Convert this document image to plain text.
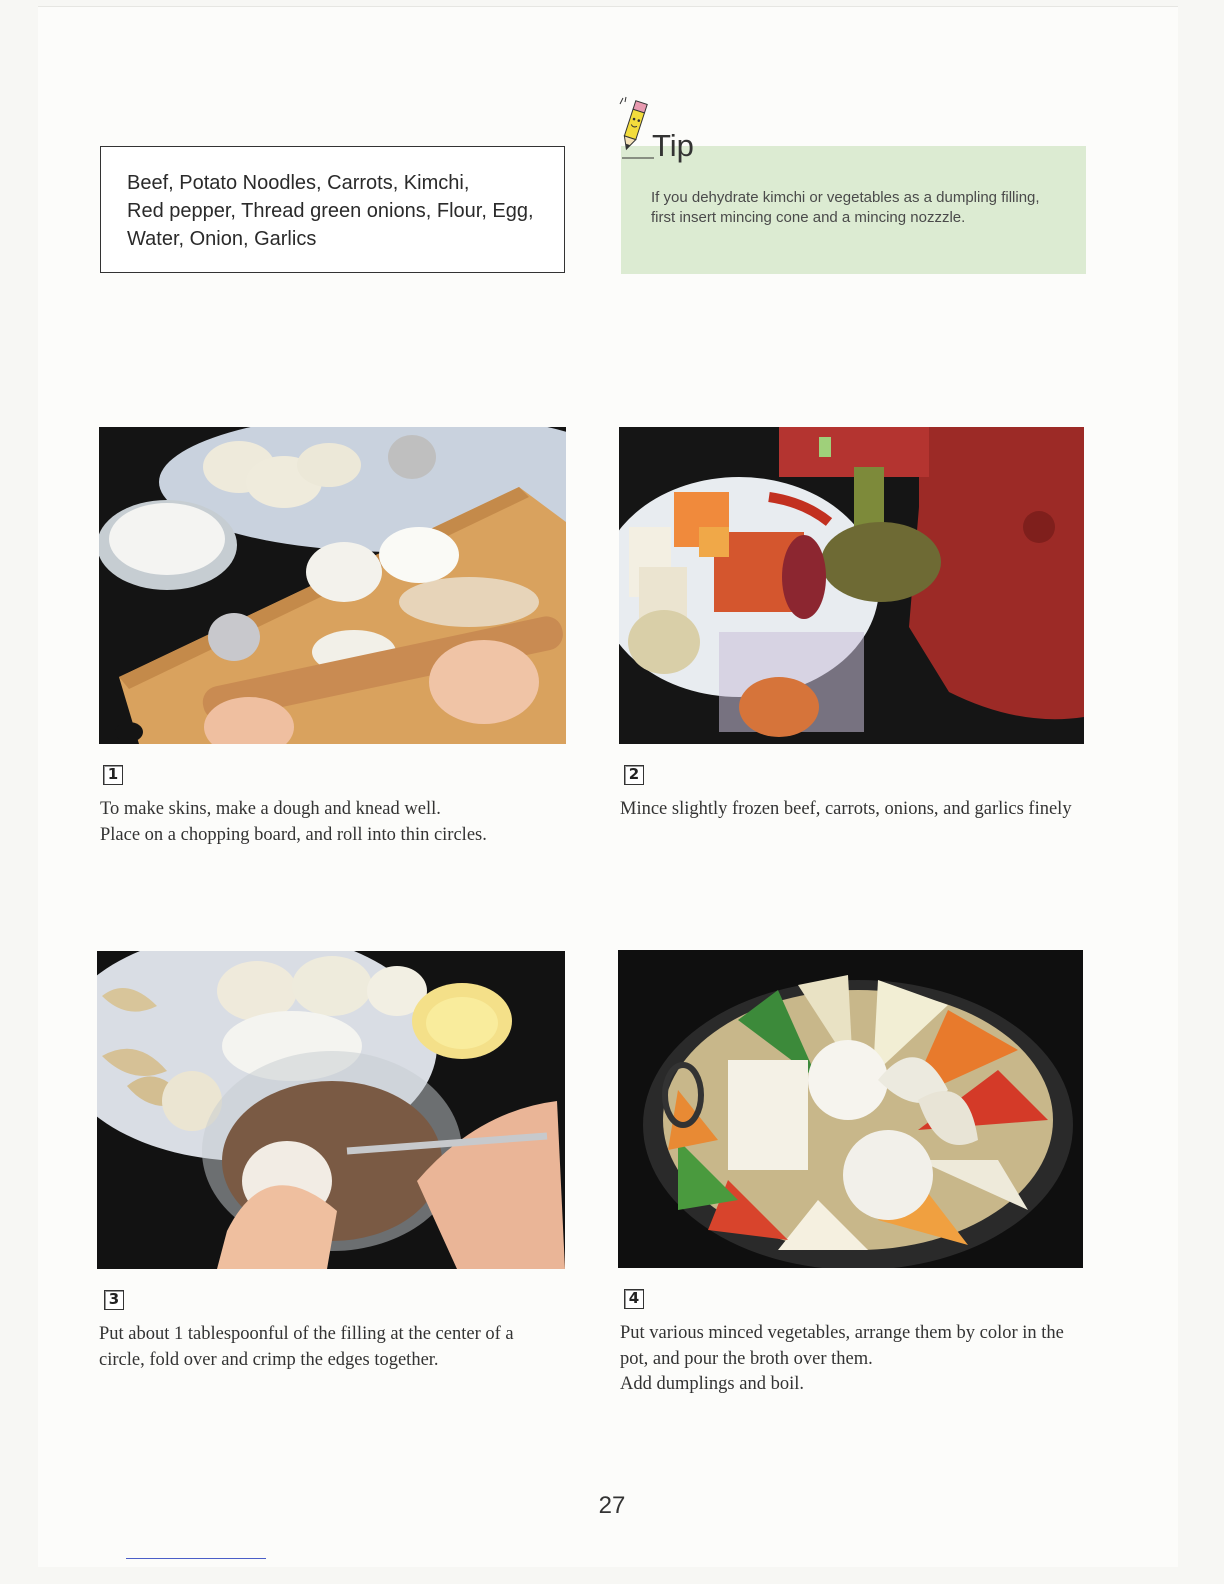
Beef, Potato Noodles, Carrots, Kimchi,
Red pepper, Thread green onions, Flour, Egg,
Water, Onion, Garlics
Tip
If you dehydrate kimchi or vegetables as a dumpling filling,
first insert mincing cone and a mincing nozzzle.
1
To make skins, make a dough and knead well.
Place on a chopping board, and roll into thin circles.
2
Mince slightly frozen beef, carrots, onions, and garlics finely
3
Put about 1 tablespoonful of the filling at the center of a
circle, fold over and crimp the edges together.
4
Put various minced vegetables, arrange them by color in the
pot, and pour the broth over them.
Add dumplings and boil.
27
